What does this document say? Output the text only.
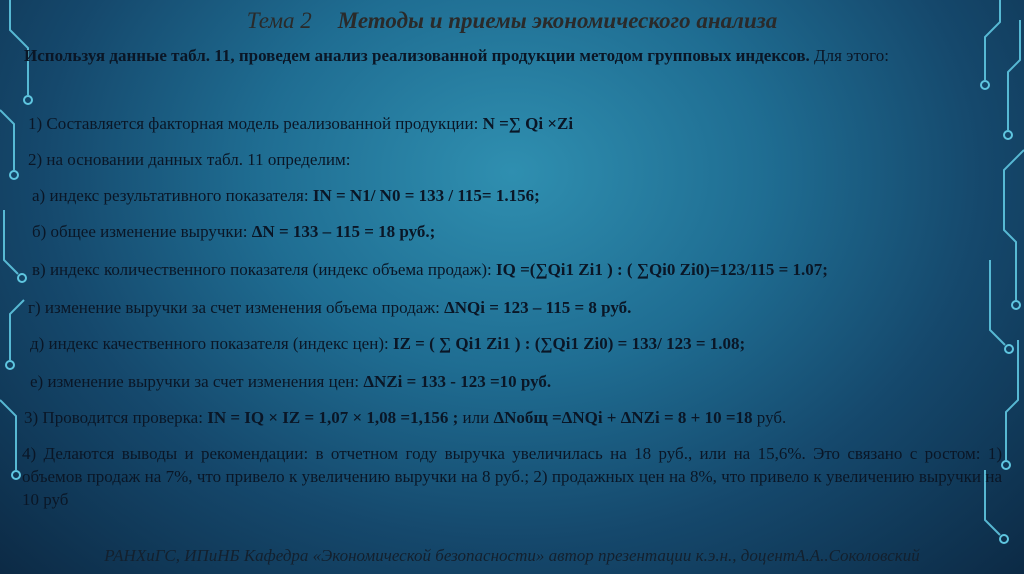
Тема 2 Методы и приемы экономического анализа
Используя данные табл. 11, проведем анализ реализованной продукции методом групповых индексов. Для этого:
1) Составляется факторная модель реализованной продукции: N =∑ Qi ×Zi
2) на основании данных табл. 11 определим:
а) индекс результативного показателя: IN = N1/ N0 = 133 / 115= 1.156;
б) общее изменение выручки: ΔN = 133 – 115 = 18 руб.;
в) индекс количественного показателя (индекс объема продаж): IQ =(∑Qi1 Zi1 ) : ( ∑Qi0 Zi0)=123/115 = 1.07;
г) изменение выручки за счет изменения объема продаж: ΔNQi = 123 – 115 = 8 руб.
д) индекс качественного показателя (индекс цен): IZ = ( ∑ Qi1 Zi1 ) : (∑Qi1 Zi0) = 133/ 123 = 1.08;
е) изменение выручки за счет изменения цен: ΔNZi = 133 - 123 =10 руб.
3) Проводится проверка: IN = IQ × IZ = 1,07 × 1,08 =1,156 ; или ΔNобщ =ΔNQi + ΔNZi = 8 + 10 =18 руб.
4) Делаются выводы и рекомендации: в отчетном году выручка увеличилась на 18 руб., или на 15,6%. Это связано с ростом: 1) объемов продаж на 7%, что привело к увеличению выручки на 8 руб.; 2) продажных цен на 8%, что привело к увеличению выручки на 10 руб
РАНХиГС, ИПиНБ Кафедра «Экономической безопасности» автор презентации к.э.н., доцентА.А..Соколовский
